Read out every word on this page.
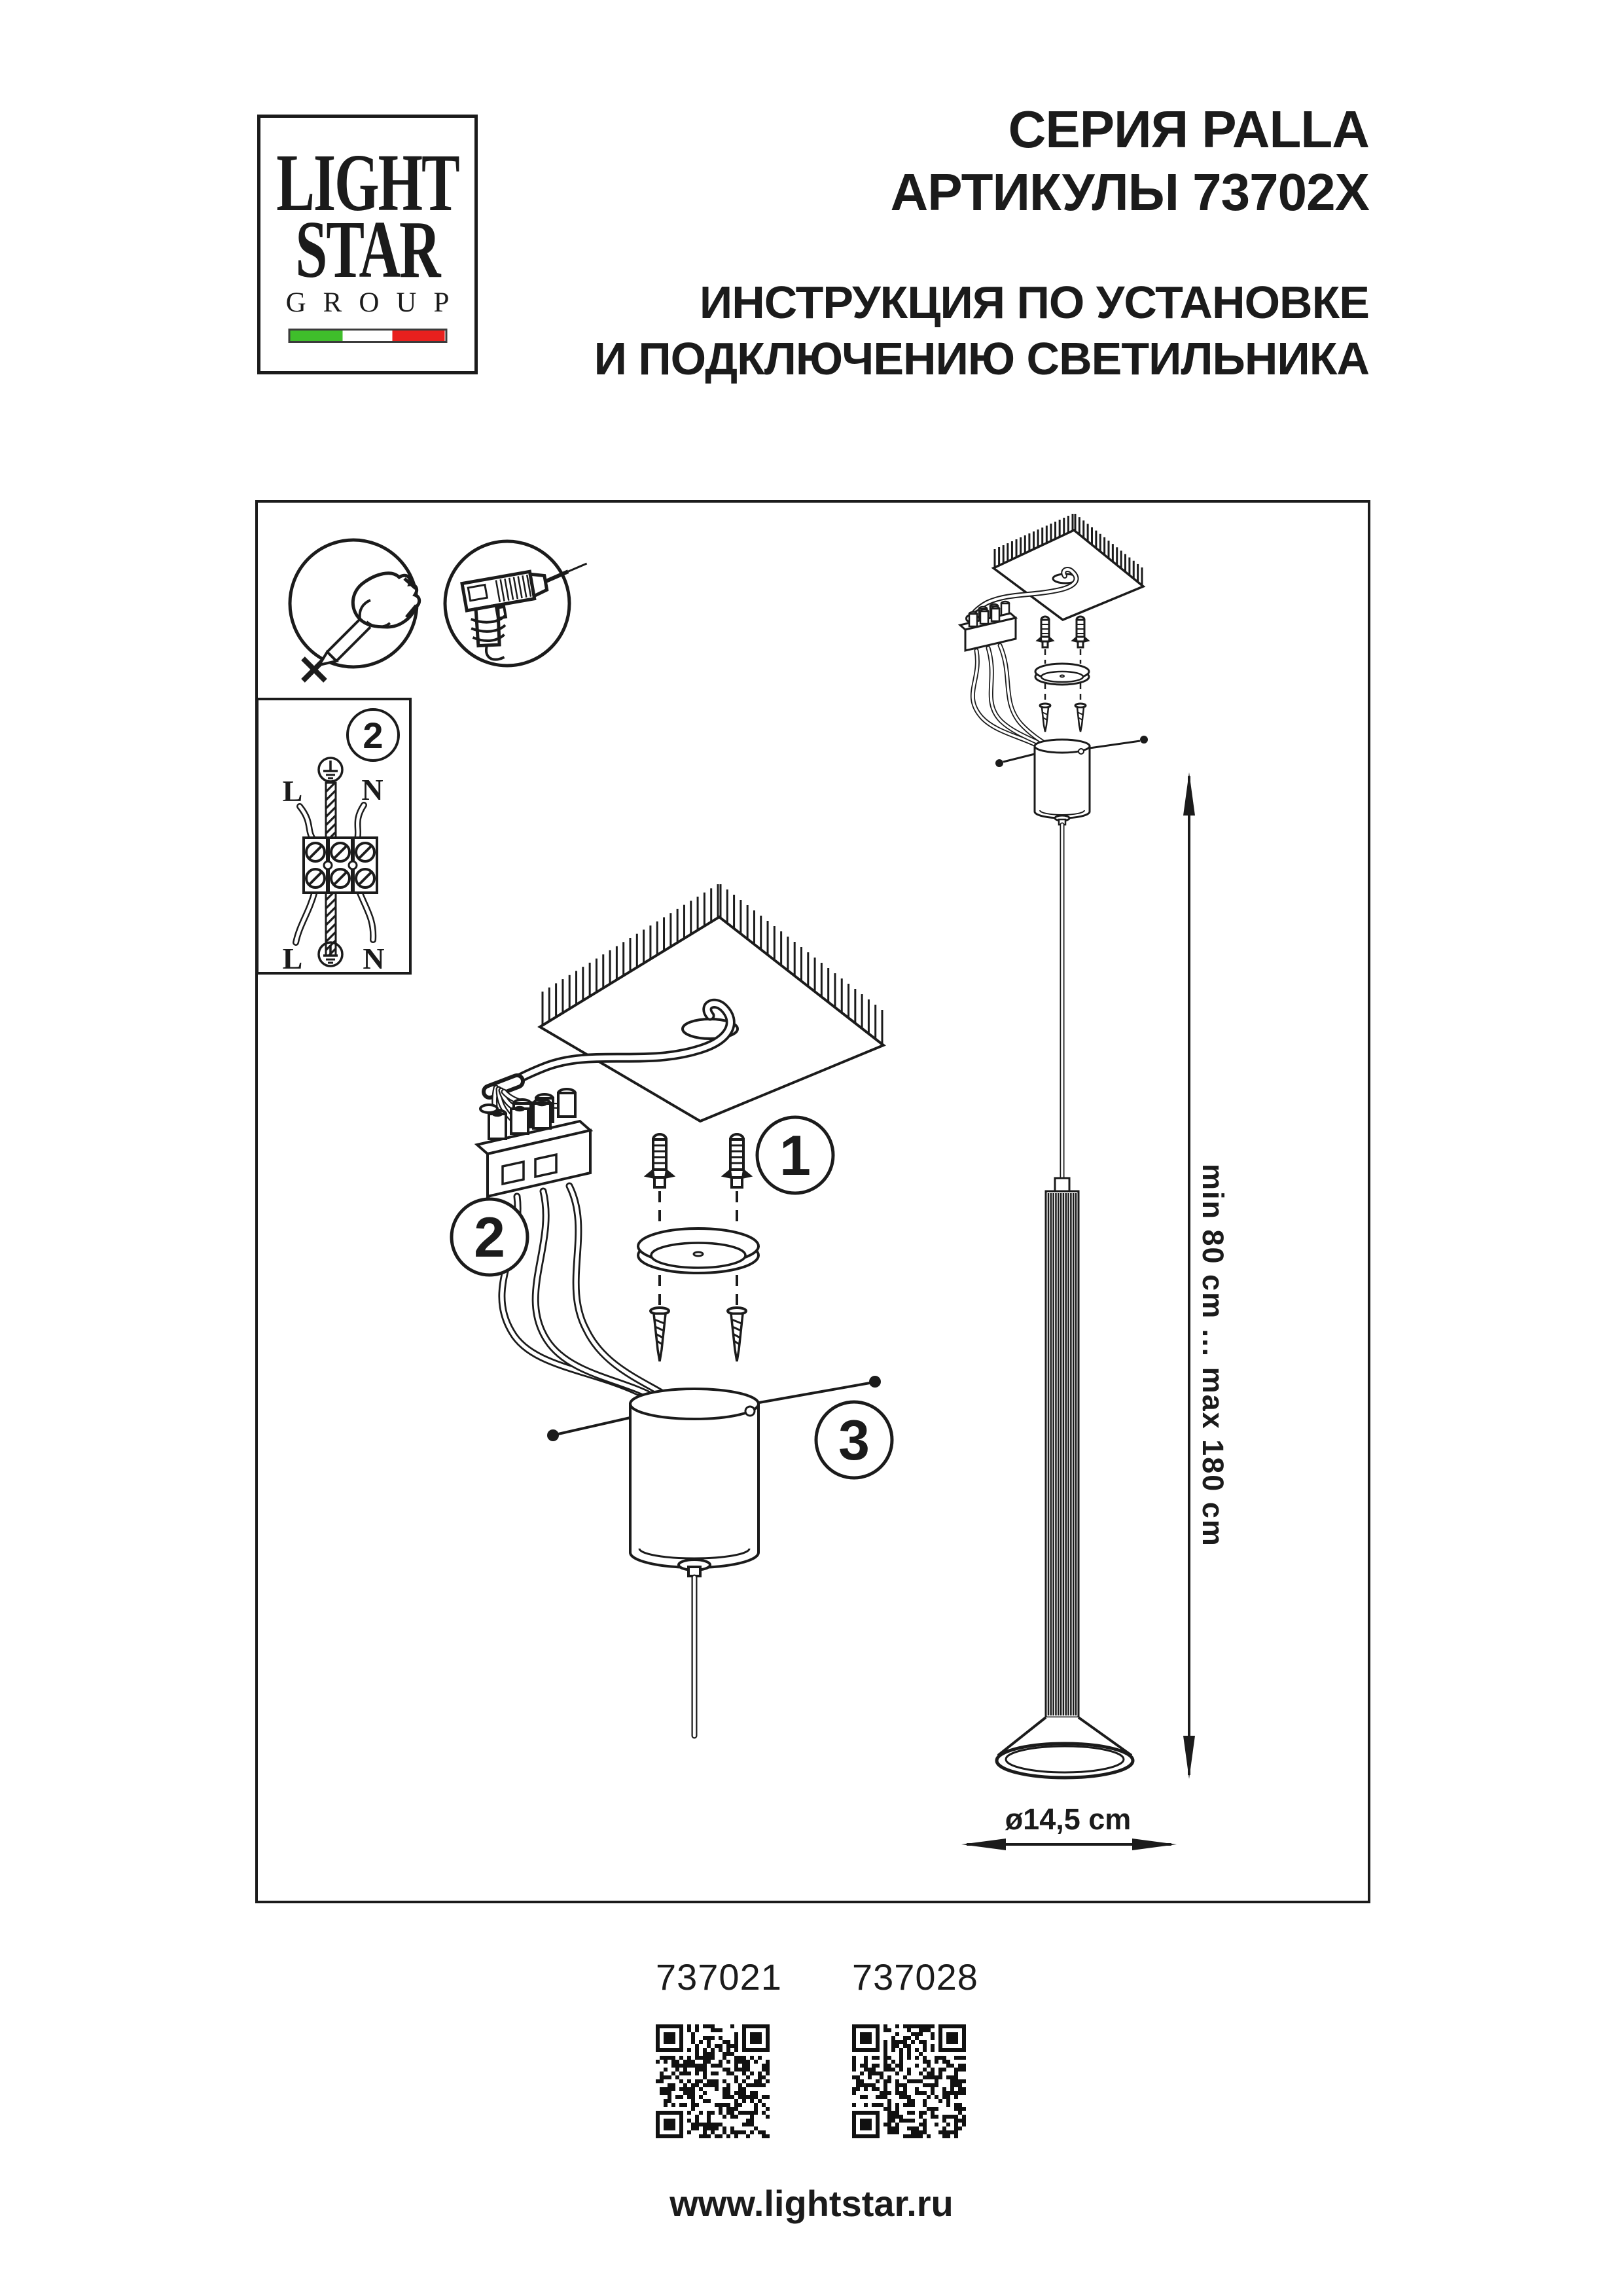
LIGHT
STAR
GROUP
СЕРИЯ PALLA
АРТИКУЛЫ 73702X
ИНСТРУКЦИЯ ПО УСТАНОВКЕ
И ПОДКЛЮЧЕНИЮ СВЕТИЛЬНИКА
2
L N
L N
2
1
3	min 80 cm ... max 180 cm
ø14,5 cm
737021 737028
www.lightstar.ru
